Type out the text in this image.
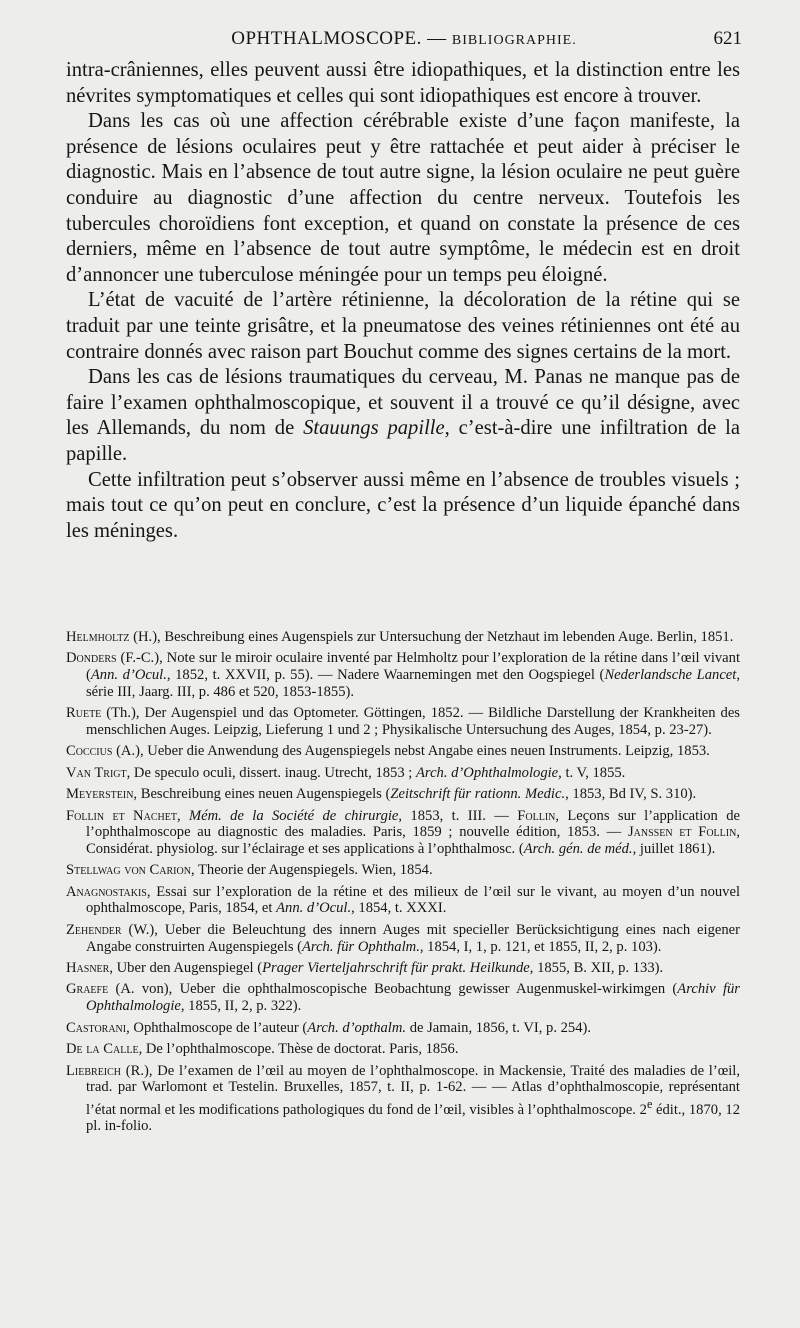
OPHTHALMOSCOPE. — BIBLIOGRAPHIE.	621

intra-crâniennes, elles peuvent aussi être idiopathiques, et la distinction entre les névrites symptomatiques et celles qui sont idiopathiques est encore à trouver.

Dans les cas où une affection cérébrable existe d’une façon manifeste, la présence de lésions oculaires peut y être rattachée et peut aider à préciser le diagnostic. Mais en l’absence de tout autre signe, la lésion oculaire ne peut guère conduire au diagnostic d’une affection du centre nerveux. Toutefois les tubercules choroïdiens font exception, et quand on constate la présence de ces derniers, même en l’absence de tout autre symptôme, le médecin est en droit d’annoncer une tuberculose méningée pour un temps peu éloigné.

L’état de vacuité de l’artère rétinienne, la décoloration de la rétine qui se traduit par une teinte grisâtre, et la pneumatose des veines rétiniennes ont été au contraire donnés avec raison part Bouchut comme des signes certains de la mort.

Dans les cas de lésions traumatiques du cerveau, M. Panas ne manque pas de faire l’examen ophthalmoscopique, et souvent il a trouvé ce qu’il désigne, avec les Allemands, du nom de Stauungs papille, c’est-à-dire une infiltration de la papille.

Cette infiltration peut s’observer aussi même en l’absence de troubles visuels ; mais tout ce qu’on peut en conclure, c’est la présence d’un liquide épanché dans les méninges.

Helmholtz (H.), Beschreibung eines Augenspiels zur Untersuchung der Netzhaut im lebenden Auge. Berlin, 1851.

Donders (F.-C.), Note sur le miroir oculaire inventé par Helmholtz pour l’exploration de la rétine dans l’œil vivant (Ann. d’Ocul., 1852, t. XXVII, p. 55). — Nadere Waarnemingen met den Oogspiegel (Nederlandsche Lancet, série III, Jaarg. III, p. 486 et 520, 1853-1855).

Ruete (Th.), Der Augenspiel und das Optometer. Göttingen, 1852. — Bildliche Darstellung der Krankheiten des menschlichen Auges. Leipzig, Lieferung 1 und 2 ; Physikalische Untersuchung des Auges, 1854, p. 23-27).

Coccius (A.), Ueber die Anwendung des Augenspiegels nebst Angabe eines neuen Instruments. Leipzig, 1853.

Van Trigt, De speculo oculi, dissert. inaug. Utrecht, 1853 ; Arch. d’Ophthalmologie, t. V, 1855.

Meyerstein, Beschreibung eines neuen Augenspiegels (Zeitschrift für rationn. Medic., 1853, Bd IV, S. 310).

Follin et Nachet, Mém. de la Société de chirurgie, 1853, t. III. — Follin, Leçons sur l’application de l’ophthalmoscope au diagnostic des maladies. Paris, 1859 ; nouvelle édition, 1853. — Janssen et Follin, Considérat. physiolog. sur l’éclairage et ses applications à l’ophthalmosc. (Arch. gén. de méd., juillet 1861).

Stellwag von Carion, Theorie der Augenspiegels. Wien, 1854.

Anagnostakis, Essai sur l’exploration de la rétine et des milieux de l’œil sur le vivant, au moyen d’un nouvel ophthalmoscope, Paris, 1854, et Ann. d’Ocul., 1854, t. XXXI.

Zehender (W.), Ueber die Beleuchtung des innern Auges mit specieller Berücksichtigung eines nach eigener Angabe construirten Augenspiegels (Arch. für Ophthalm., 1854, I, 1, p. 121, et 1855, II, 2, p. 103).

Hasner, Uber den Augenspiegel (Prager Vierteljahrschrift für prakt. Heilkunde, 1855, B. XII, p. 133).

Graefe (A. von), Ueber die ophthalmoscopische Beobachtung gewisser Augenmuskel-wirkimgen (Archiv für Ophthalmologie, 1855, II, 2, p. 322).

Castorani, Ophthalmoscope de l’auteur (Arch. d’opthalm. de Jamain, 1856, t. VI, p. 254).

De la Calle, De l’ophthalmoscope. Thèse de doctorat. Paris, 1856.

Liebreich (R.), De l’examen de l’œil au moyen de l’ophthalmoscope. in Mackensie, Traité des maladies de l’œil, trad. par Warlomont et Testelin. Bruxelles, 1857, t. II, p. 1-62. — — Atlas d’ophthalmoscopie, représentant l’état normal et les modifications pathologiques du fond de l’œil, visibles à l’ophthalmoscope. 2e édit., 1870, 12 pl. in-folio.
